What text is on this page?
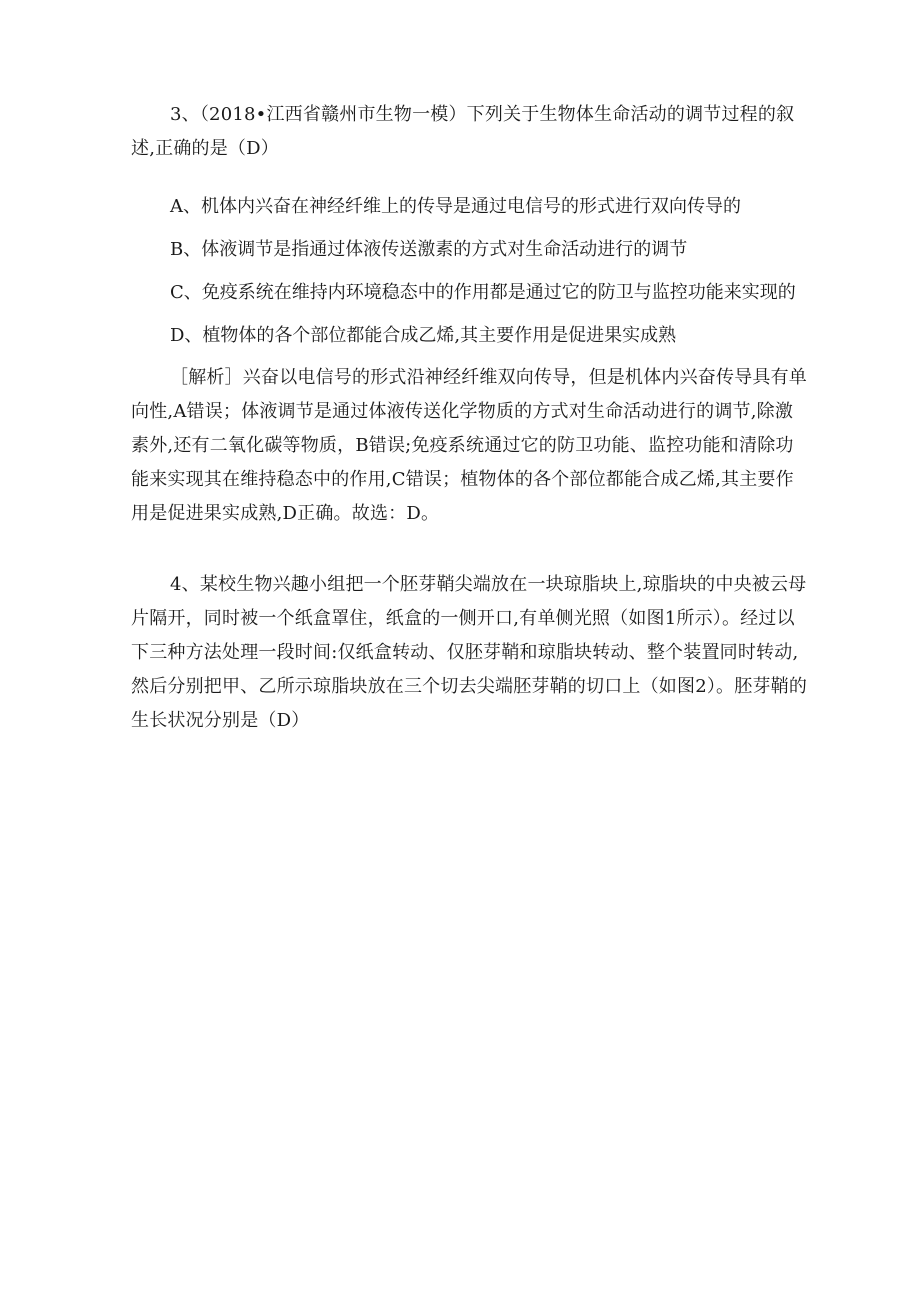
3、（2018•江西省赣州市生物一模）下列关于生物体生命活动的调节过程的叙
述,正确的是（D）
A、机体内兴奋在神经纤维上的传导是通过电信号的形式进行双向传导的
B、体液调节是指通过体液传送激素的方式对生命活动进行的调节
C、免疫系统在维持内环境稳态中的作用都是通过它的防卫与监控功能来实现的
D、植物体的各个部位都能合成乙烯,其主要作用是促进果实成熟
［解析］兴奋以电信号的形式沿神经纤维双向传导，但是机体内兴奋传导具有单
向性,A错误；体液调节是通过体液传送化学物质的方式对生命活动进行的调节,除激
素外,还有二氧化碳等物质，B错误;免疫系统通过它的防卫功能、监控功能和清除功
能来实现其在维持稳态中的作用,C错误；植物体的各个部位都能合成乙烯,其主要作
用是促进果实成熟,D正确。故选：D。
4、某校生物兴趣小组把一个胚芽鞘尖端放在一块琼脂块上,琼脂块的中央被云母
片隔开，同时被一个纸盒罩住，纸盒的一侧开口,有单侧光照（如图1所示）。经过以
下三种方法处理一段时间:仅纸盒转动、仅胚芽鞘和琼脂块转动、整个装置同时转动,
然后分别把甲、乙所示琼脂块放在三个切去尖端胚芽鞘的切口上（如图2）。胚芽鞘的
生长状况分别是（D）
